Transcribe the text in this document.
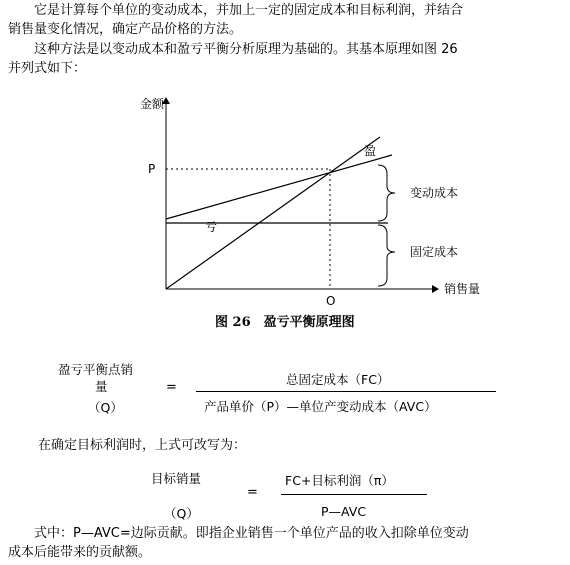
它是计算每个单位的变动成本，并加上一定的固定成本和目标利润，并结合
销售量变化情况，确定产品价格的方法。
这种方法是以变动成本和盈亏平衡分析原理为基础的。其基本原理如图 26
并列式如下：
金额
销售量
P
O
盈
亏
变动成本
固定成本
图 26　盈亏平衡原理图
盈亏平衡点销
量
（Q）
=
总固定成本（FC）
产品单价（P）—单位产变动成本（AVC）
在确定目标利润时，上式可改写为：
目标销量
（Q）
=
FC+目标利润（π）
P—AVC
式中：P—AVC=边际贡献。即指企业销售一个单位产品的收入扣除单位变动
成本后能带来的贡献额。
